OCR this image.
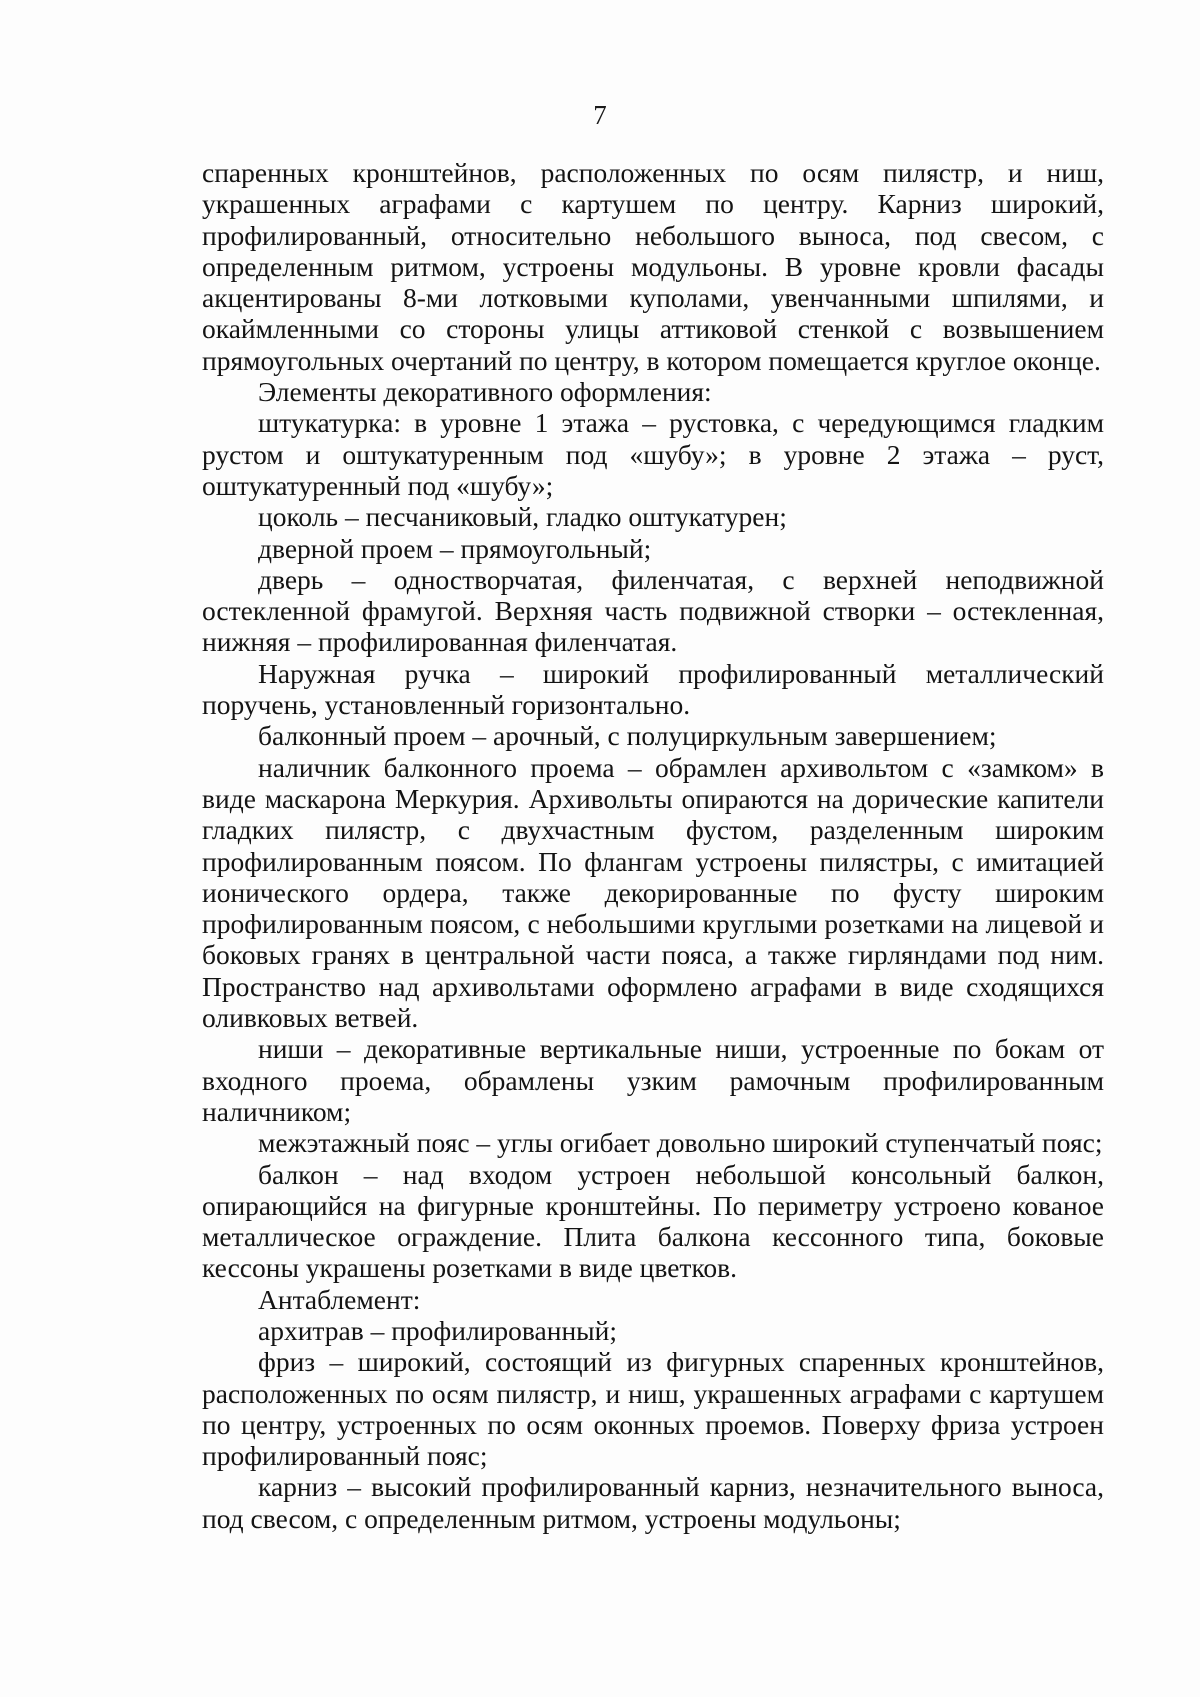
7

спаренных кронштейнов, расположенных по осям пилястр, и ниш, украшенных аграфами с картушем по центру. Карниз широкий, профилированный, относительно небольшого выноса, под свесом, с определенным ритмом, устроены модульоны. В уровне кровли фасады акцентированы 8-ми лотковыми куполами, увенчанными шпилями, и окаймленными со стороны улицы аттиковой стенкой с возвышением прямоугольных очертаний по центру, в котором помещается круглое оконце.

Элементы декоративного оформления:

штукатурка: в уровне 1 этажа – рустовка, с чередующимся гладким рустом и оштукатуренным под «шубу»; в уровне 2 этажа – руст, оштукатуренный под «шубу»;

цоколь – песчаниковый, гладко оштукатурен;

дверной проем – прямоугольный;

дверь – одностворчатая, филенчатая, с верхней неподвижной остекленной фрамугой. Верхняя часть подвижной створки – остекленная, нижняя – профилированная филенчатая.

Наружная ручка – широкий профилированный металлический поручень, установленный горизонтально.

балконный проем – арочный, с полуциркульным завершением;

наличник балконного проема – обрамлен архивольтом с «замком» в виде маскарона Меркурия. Архивольты опираются на дорические капители гладких пилястр, с двухчастным фустом, разделенным широким профилированным поясом. По флангам устроены пилястры, с имитацией ионического ордера, также декорированные по фусту широким профилированным поясом, с небольшими круглыми розетками на лицевой и боковых гранях в центральной части пояса, а также гирляндами под ним. Пространство над архивольтами оформлено аграфами в виде сходящихся оливковых ветвей.

ниши – декоративные вертикальные ниши, устроенные по бокам от входного проема, обрамлены узким рамочным профилированным наличником;

межэтажный пояс – углы огибает довольно широкий ступенчатый пояс;

балкон – над входом устроен небольшой консольный балкон, опирающийся на фигурные кронштейны. По периметру устроено кованое металлическое ограждение. Плита балкона кессонного типа, боковые кессоны украшены розетками в виде цветков.

Антаблемент:

архитрав – профилированный;

фриз – широкий, состоящий из фигурных спаренных кронштейнов, расположенных по осям пилястр, и ниш, украшенных аграфами с картушем по центру, устроенных по осям оконных проемов. Поверху фриза устроен профилированный пояс;

карниз – высокий профилированный карниз, незначительного выноса, под свесом, с определенным ритмом, устроены модульоны;
